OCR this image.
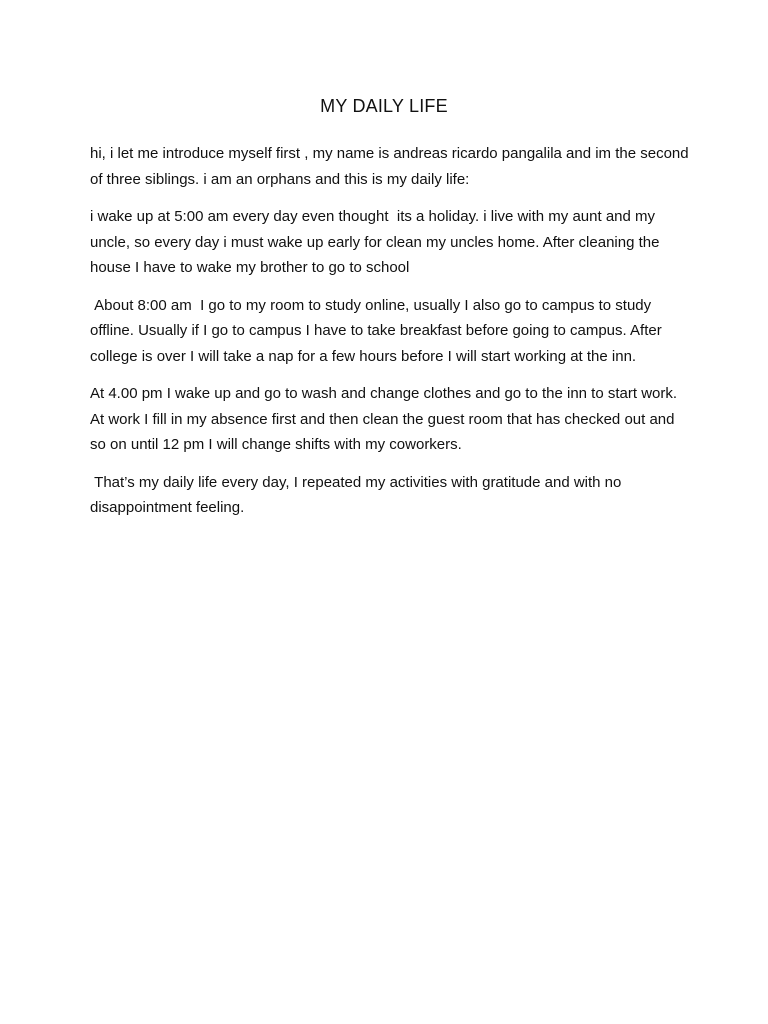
MY DAILY LIFE

hi, i let me introduce myself first , my name is andreas ricardo pangalila and im the second of three siblings. i am an orphans and this is my daily life:

i wake up at 5:00 am every day even thought  its a holiday. i live with my aunt and my uncle, so every day i must wake up early for clean my uncles home. After cleaning the house I have to wake my brother to go to school

About 8:00 am  I go to my room to study online, usually I also go to campus to study offline. Usually if I go to campus I have to take breakfast before going to campus. After college is over I will take a nap for a few hours before I will start working at the inn.

At 4.00 pm I wake up and go to wash and change clothes and go to the inn to start work. At work I fill in my absence first and then clean the guest room that has checked out and so on until 12 pm I will change shifts with my coworkers.

That’s my daily life every day, I repeated my activities with gratitude and with no disappointment feeling.
